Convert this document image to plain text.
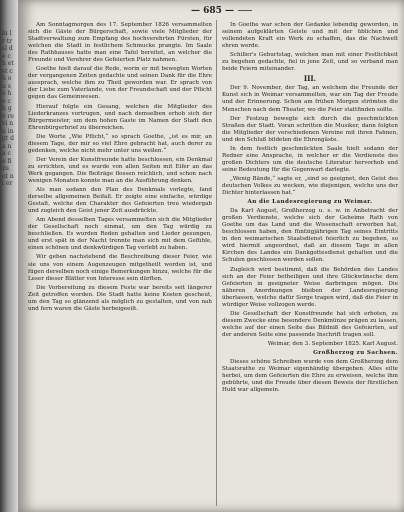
lu lr tr sl de ch et st ch on se he ch ge re vi nu in gt da na co fi zu ot ni er
— 685 —

Am Sonntagmorgen des 17. September 1826 versammelten sich die Gäste der Bürgerschaft, sowie viele Mitglieder der Stadtverwaltung zum Empfang des hochverehrten Fürsten, für welchen die Stadt in festlichem Schmucke prangte. Im Saale des Rathhauses hatte man eine Tafel bereitet, an welcher die Freunde und Verehrer des Gefeierten Platz nahmen.

Goethe hielt darauf die Rede, worin er mit bewegten Worten der vergangenen Zeiten gedachte und seinen Dank für die Ehre aussprach, welche ihm zu Theil geworden war. Er sprach von der Liebe zum Vaterlande, von der Freundschaft und der Pflicht gegen das Gemeinwesen.

Hierauf folgte ein Gesang, welchen die Mitglieder des Liederkranzes vortrugen, und nach demselben erhob sich der Bürgermeister, um dem hohen Gaste im Namen der Stadt den Ehrenbürgerbrief zu überreichen.

Die Worte „Wie Pflicht,“ so sprach Goethe, „ist es mir, an diesem Tage, der mir so viel Ehre gebracht hat, auch derer zu gedenken, welche nicht mehr unter uns weilen.“

Der Verein der Kunstfreunde hatte beschlossen, ein Denkmal zu errichten, und es wurde von allen Seiten mit Eifer an das Werk gegangen. Die Beiträge flossen reichlich, und schon nach wenigen Monaten konnte man an die Ausführung denken.

Als man sodann den Plan des Denkmals vorlegte, fand derselbe allgemeinen Beifall. Er zeigte eine einfache, würdige Gestalt, welche den Charakter des Gefeierten treu wiedergab und zugleich den Geist jener Zeit ausdrückte.

Am Abend desselben Tages versammelten sich die Mitglieder der Gesellschaft noch einmal, um den Tag würdig zu beschließen. Es wurden Reden gehalten und Lieder gesungen, und erst spät in der Nacht trennte man sich mit dem Gefühle, einen schönen und denkwürdigen Tag verlebt zu haben.

Wir geben nachstehend die Beschreibung dieser Feier, wie sie uns von einem Augenzeugen mitgetheilt worden ist, und fügen derselben noch einige Bemerkungen hinzu, welche für die Leser dieser Blätter von Interesse sein dürften.

Die Vorbereitung zu diesem Feste war bereits seit längerer Zeit getroffen worden. Die Stadt hatte keine Kosten gescheut, um den Tag so glänzend als möglich zu gestalten, und von nah und fern waren die Gäste herbeigeeilt.

In Goethe war schon der Gedanke lebendig geworden, in seinem aufgeklärten Geiste und mit der üblichen und vollendeten Kraft ein Werk zu schaffen, das die Nachwelt ehren werde.

Schiller's Geburtstag, welchen man mit einer Festlichkeit zu begehen gedachte, fiel in jene Zeit, und so verband man beide Feiern miteinander.

III.

Der 9. November, der Tag, an welchem die Freunde der Kunst sich in Weimar versammelten, war ein Tag der Freude und der Erinnerung. Schon am frühen Morgen strömten die Menschen nach dem Theater, wo die Feier stattfinden sollte.

Der Festzug bewegte sich durch die geschmückten Straßen der Stadt. Voran schritten die Musiker, dann folgten die Mitglieder der verschiedenen Vereine mit ihren Fahnen, und den Schluß bildeten die Ehrengäste.

In dem festlich geschmückten Saale hielt sodann der Redner eine Ansprache, in welcher er die Verdienste des großen Dichters um die deutsche Literatur hervorhob und seine Bedeutung für die Gegenwart darlegte.

„Wenig Bände,“ sagte er, „sind so geeignet, den Geist des deutschen Volkes zu wecken, wie diejenigen, welche uns der Dichter hinterlassen hat.“

An die Landesregierung zu Weimar.

Da Karl August, Großherzog u. s. w. in Anbetracht der großen Verdienste, welche sich der Geheime Rath von Goethe um das Land und die Wissenschaft erworben hat, beschlossen haben, den fünfzigjährigen Tag seines Eintritts in den weimarischen Staatsdienst feierlich zu begehen, so wird hiermit angeordnet, daß an diesem Tage in allen Kirchen des Landes ein Dankgottesdienst gehalten und die Schulen geschlossen werden sollen.

Zugleich wird bestimmt, daß die Behörden des Landes sich an der Feier betheiligen und ihre Glückwünsche dem Gefeierten in geeigneter Weise darbringen mögen. Die näheren Anordnungen bleiben der Landesregierung überlassen, welche dafür Sorge tragen wird, daß die Feier in würdiger Weise vollzogen werde.

Die Gesellschaft der Kunstfreunde hat sich erboten, zu diesem Zwecke eine besondere Denkmünze prägen zu lassen, welche auf der einen Seite das Bildniß des Gefeierten, auf der anderen Seite eine passende Inschrift tragen soll.

Weimar, den 3. September 1825. Karl August.

Großherzog zu Sachsen.

Dieses schöne Schreiben wurde von dem Großherzog dem Staatsrathe zu Weimar eigenhändig übergeben. Alles eilte herbei, um dem Gefeierten die Ehre zu erweisen, welche ihm gebührte, und die Freude über diesen Beweis der fürstlichen Huld war allgemein.
